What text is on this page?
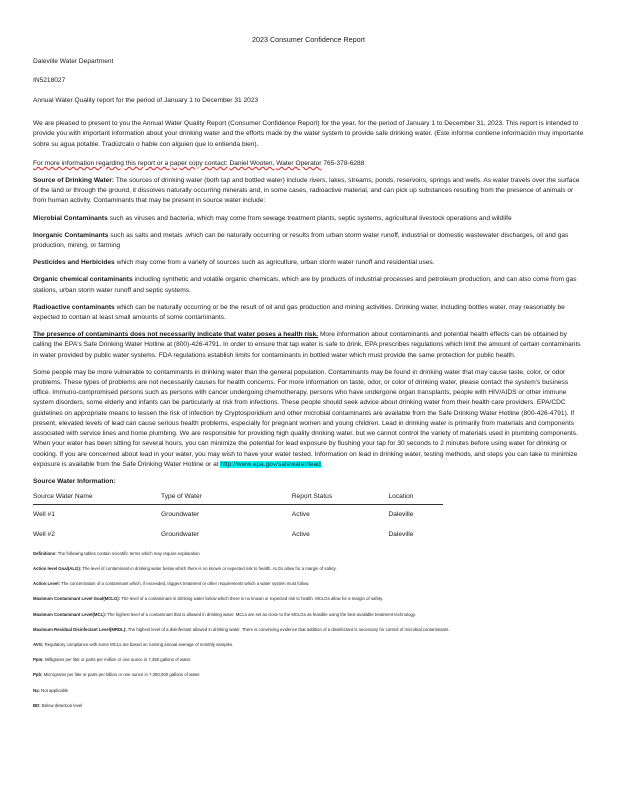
2023 Consumer Confidence Report
Daleville Water Department
IN5218027
Annual Water Quality report for the period of January 1 to December 31 2023

We are pleased to present to you the Annual Water Quality Report (Consumer Confidence Report) for the year, for the period of January 1 to December 31, 2023. This report is intended to provide you with important information about your drinking water and the efforts made by the water system to provide safe drinking water. (Este informe contiene información muy importante sobre su agua potable. Tradúzcalo o hable con alguien que lo entienda bien).

For more information regarding this report or a paper copy contact: Daniel Wooten, Water Operator 765-378-6288

Source of Drinking Water: The sources of drinking water (both tap and bottled water) include rivers, lakes, streams, ponds, reservoirs, springs and wells. As water travels over the surface of the land or through the ground, it dissolves naturally occurring minerals and, in some cases, radioactive material, and can pick up substances resulting from the presence of animals or from human activity. Contaminants that may be present in source water include:

Microbial Contaminants such as viruses and bacteria, which may come from sewage treatment plants, septic systems, agricultural livestock operations and wildlife

Inorganic Contaminants such as salts and metals ,which can be naturally occurring or results from urban storm water runoff, industrial or domestic wastewater discharges, oil and gas production, mining, or farming

Pesticides and Herbicides which may come from a variety of sources such as agriculture, urban storm water runoff and residential uses.

Organic chemical contaminants including synthetic and volatile organic chemicals, which are by products of industrial processes and petroleum production, and can also come from gas stations, urban storm water runoff and septic systems.

Radioactive contaminants which can be naturally occurring or be the result of oil and gas production and mining activities. Drinking water, including bottles water, may reasonably be expected to contain at least small amounts of some contaminants.

The presence of contaminants does not necessarily indicate that water poses a health risk. More information about contaminants and potential health effects can be obtained by calling the EPA's Safe Drinking Water Hotline at (800)-426-4791. In order to ensure that tap water is safe to drink, EPA prescribes regulations which limit the amount of certain contaminants in water provided by public water systems. FDA regulations establish limits for contaminants in bottled water which must provide the same protection for public health.

Some people may be more vulnerable to contaminants in drinking water than the general population. Contaminants may be found in drinking water that may cause taste, color, or odor problems. These types of problems are not necessarily causes for health concerns. For more information on taste, odor, or color of drinking water, please contact the system's business office. Immuno-compromised persons such as persons with cancer undergoing chemotherapy, persons who have undergone organ transplants, people with HIV/AIDS or other immune system disorders, some elderly and infants can be particularly at risk from infections. These people should seek advice about drinking water from their health care providers. EPA/CDC guidelines on appropriate means to lessen the risk of infection by Cryptosporidium and other microbial contaminants are available from the Safe Drinking Water Hotline (800-426-4791). If present, elevated levels of lead can cause serious health problems, especially for pregnant women and young children. Lead in drinking water is primarily from materials and components associated with service lines and home plumbing. We are responsible for providing high quality drinking water, but we cannot control the variety of materials used in plumbing components. When your water has been sitting for several hours, you can minimize the potential for lead exposure by flushing your tap for 30 seconds to 2 minutes before using water for drinking or cooking. If you are concerned about lead in your water, you may wish to have your water tested. Information on lead in drinking water, testing methods, and steps you can take to minimize exposure is available from the Safe Drinking Water Hotline or at http://www.epa.gov/safewater/lead.

Source Water Information:
Source Water Name	Type of Water	Report Status	Location
Well #1	Groundwater	Active	Daleville
Well #2	Groundwater	Active	Daleville

Definitions: The following tables contain scientific terms which may require explanation

Action level Goal(ALG): The level of contaminant in drinking water below which there is no known or expected risk to health. ALGs allow for a margin of safety.

Action Level: The concentration of a contaminant which, if exceeded, triggers treatment or other requirements which a water system must follow.

Maximum Contaminant Level Goal(MCLG): The level of a contaminant in drinking water below which there is no known or expected risk to health. MCLGs allow for a margin of safety.

Maximum Contaminant Level(MCL): The highest level of a contaminant that is allowed in drinking water. MCLs are set as close to the MCLGs as feasible using the best available treatment technology.

Maximum Residual Disinfectant Level(MRDL): The highest level of a disinfectant allowed in drinking water. There is convincing evidence that addition of a disinfectant is necessary for control of microbial contaminants.

AVG: Regulatory compliance with some MCLs are based on running annual average of monthly samples.

Ppm: Milligrams per liter or parts per million or one ounce in 7,350 gallons of water.

Ppb: Micrograms per liter or parts per billion or one ounce in 7,350,000 gallons of water.

Na: Not applicable

BD: Below detection level
